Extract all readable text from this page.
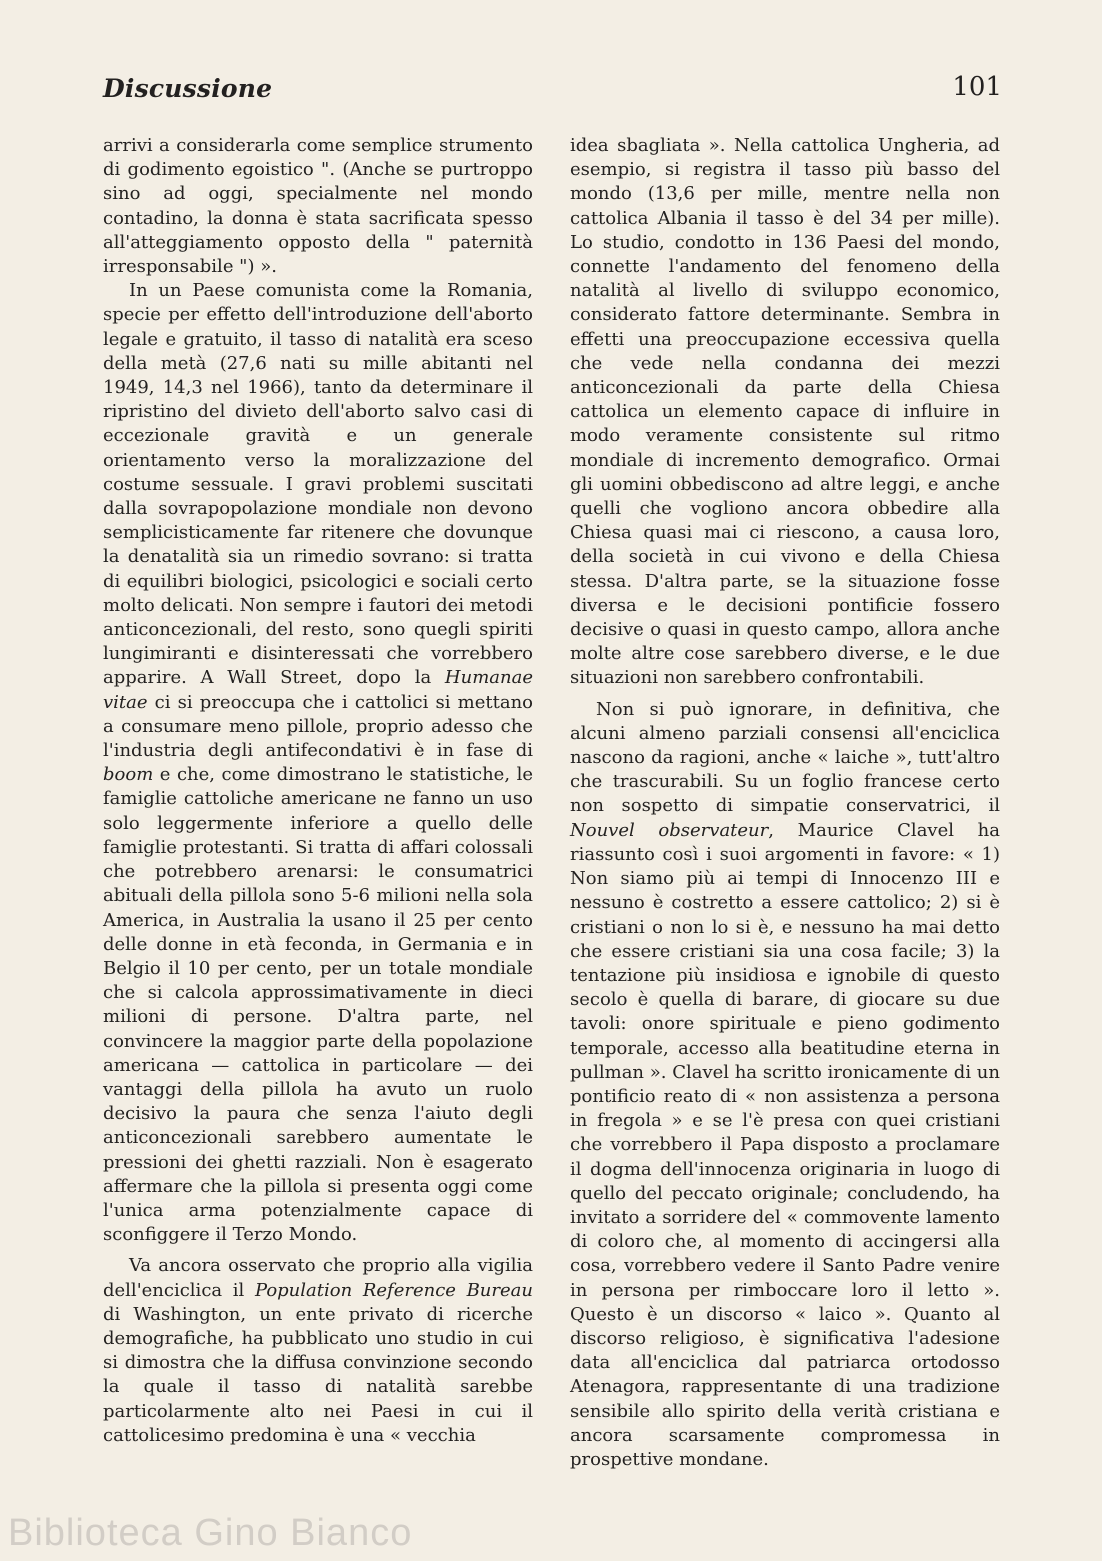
Discussione	101

arrivi a considerarla come semplice strumento di godimento egoistico ". (Anche se purtroppo sino ad oggi, specialmente nel mondo contadino, la donna è stata sacrificata spesso all'atteggiamento opposto della " paternità irresponsabile ") ».

In un Paese comunista come la Romania, specie per effetto dell'introduzione dell'aborto legale e gratuito, il tasso di natalità era sceso della metà (27,6 nati su mille abitanti nel 1949, 14,3 nel 1966), tanto da determinare il ripristino del divieto dell'aborto salvo casi di eccezionale gravità e un generale orientamento verso la moralizzazione del costume sessuale. I gravi problemi suscitati dalla sovrapopolazione mondiale non devono semplicisticamente far ritenere che dovunque la denatalità sia un rimedio sovrano: si tratta di equilibri biologici, psicologici e sociali certo molto delicati. Non sempre i fautori dei metodi anticoncezionali, del resto, sono quegli spiriti lungimiranti e disinteressati che vorrebbero apparire. A Wall Street, dopo la Humanae vitae ci si preoccupa che i cattolici si mettano a consumare meno pillole, proprio adesso che l'industria degli antifecondativi è in fase di boom e che, come dimostrano le statistiche, le famiglie cattoliche americane ne fanno un uso solo leggermente inferiore a quello delle famiglie protestanti. Si tratta di affari colossali che potrebbero arenarsi: le consumatrici abituali della pillola sono 5-6 milioni nella sola America, in Australia la usano il 25 per cento delle donne in età feconda, in Germania e in Belgio il 10 per cento, per un totale mondiale che si calcola approssimativamente in dieci milioni di persone. D'altra parte, nel convincere la maggior parte della popolazione americana — cattolica in particolare — dei vantaggi della pillola ha avuto un ruolo decisivo la paura che senza l'aiuto degli anticoncezionali sarebbero aumentate le pressioni dei ghetti razziali. Non è esagerato affermare che la pillola si presenta oggi come l'unica arma potenzialmente capace di sconfiggere il Terzo Mondo.

Va ancora osservato che proprio alla vigilia dell'enciclica il Population Reference Bureau di Washington, un ente privato di ricerche demografiche, ha pubblicato uno studio in cui si dimostra che la diffusa convinzione secondo la quale il tasso di natalità sarebbe particolarmente alto nei Paesi in cui il cattolicesimo predomina è una « vecchia

idea sbagliata ». Nella cattolica Ungheria, ad esempio, si registra il tasso più basso del mondo (13,6 per mille, mentre nella non cattolica Albania il tasso è del 34 per mille). Lo studio, condotto in 136 Paesi del mondo, connette l'andamento del fenomeno della natalità al livello di sviluppo economico, considerato fattore determinante. Sembra in effetti una preoccupazione eccessiva quella che vede nella condanna dei mezzi anticoncezionali da parte della Chiesa cattolica un elemento capace di influire in modo veramente consistente sul ritmo mondiale di incremento demografico. Ormai gli uomini obbediscono ad altre leggi, e anche quelli che vogliono ancora obbedire alla Chiesa quasi mai ci riescono, a causa loro, della società in cui vivono e della Chiesa stessa. D'altra parte, se la situazione fosse diversa e le decisioni pontificie fossero decisive o quasi in questo campo, allora anche molte altre cose sarebbero diverse, e le due situazioni non sarebbero confrontabili.

Non si può ignorare, in definitiva, che alcuni almeno parziali consensi all'enciclica nascono da ragioni, anche « laiche », tutt'altro che trascurabili. Su un foglio francese certo non sospetto di simpatie conservatrici, il Nouvel observateur, Maurice Clavel ha riassunto così i suoi argomenti in favore: « 1) Non siamo più ai tempi di Innocenzo III e nessuno è costretto a essere cattolico; 2) si è cristiani o non lo si è, e nessuno ha mai detto che essere cristiani sia una cosa facile; 3) la tentazione più insidiosa e ignobile di questo secolo è quella di barare, di giocare su due tavoli: onore spirituale e pieno godimento temporale, accesso alla beatitudine eterna in pullman ». Clavel ha scritto ironicamente di un pontificio reato di « non assistenza a persona in fregola » e se l'è presa con quei cristiani che vorrebbero il Papa disposto a proclamare il dogma dell'innocenza originaria in luogo di quello del peccato originale; concludendo, ha invitato a sorridere del « commovente lamento di coloro che, al momento di accingersi alla cosa, vorrebbero vedere il Santo Padre venire in persona per rimboccare loro il letto ». Questo è un discorso « laico ». Quanto al discorso religioso, è significativa l'adesione data all'enciclica dal patriarca ortodosso Atenagora, rappresentante di una tradizione sensibile allo spirito della verità cristiana e ancora scarsamente compromessa in prospettive mondane.

Biblioteca Gino Bianco
